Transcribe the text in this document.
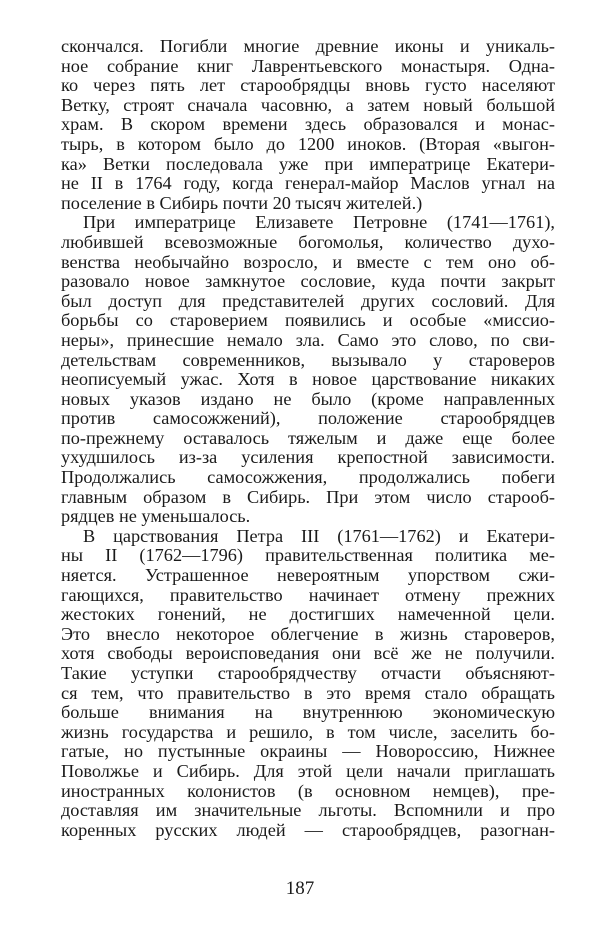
скончался. Погибли многие древние иконы и уникаль-
ное собрание книг Лаврентьевского монастыря. Одна-
ко через пять лет старообрядцы вновь густо населяют
Ветку, строят сначала часовню, а затем новый большой
храм. В скором времени здесь образовался и монас-
тырь, в котором было до 1200 иноков. (Вторая «выгон-
ка» Ветки последовала уже при императрице Екатери-
не II в 1764 году, когда генерал-майор Маслов угнал на
поселение в Сибирь почти 20 тысяч жителей.)
При императрице Елизавете Петровне (1741—1761),
любившей всевозможные богомолья, количество духо-
венства необычайно возросло, и вместе с тем оно об-
разовало новое замкнутое сословие, куда почти закрыт
был доступ для представителей других сословий. Для
борьбы со староверием появились и особые «миссио-
неры», принесшие немало зла. Само это слово, по сви-
детельствам современников, вызывало у староверов
неописуемый ужас. Хотя в новое царствование никаких
новых указов издано не было (кроме направленных
против самосожжений), положение старообрядцев
по-прежнему оставалось тяжелым и даже еще более
ухудшилось из-за усиления крепостной зависимости.
Продолжались самосожжения, продолжались побеги
главным образом в Сибирь. При этом число старооб-
рядцев не уменьшалось.
В царствования Петра III (1761—1762) и Екатери-
ны II (1762—1796) правительственная политика ме-
няется. Устрашенное невероятным упорством сжи-
гающихся, правительство начинает отмену прежних
жестоких гонений, не достигших намеченной цели.
Это внесло некоторое облегчение в жизнь староверов,
хотя свободы вероисповедания они всё же не получили.
Такие уступки старообрядчеству отчасти объясняют-
ся тем, что правительство в это время стало обращать
больше внимания на внутреннюю экономическую
жизнь государства и решило, в том числе, заселить бо-
гатые, но пустынные окраины — Новороссию, Нижнее
Поволжье и Сибирь. Для этой цели начали приглашать
иностранных колонистов (в основном немцев), пре-
доставляя им значительные льготы. Вспомнили и про
коренных русских людей — старообрядцев, разогнан-
187
